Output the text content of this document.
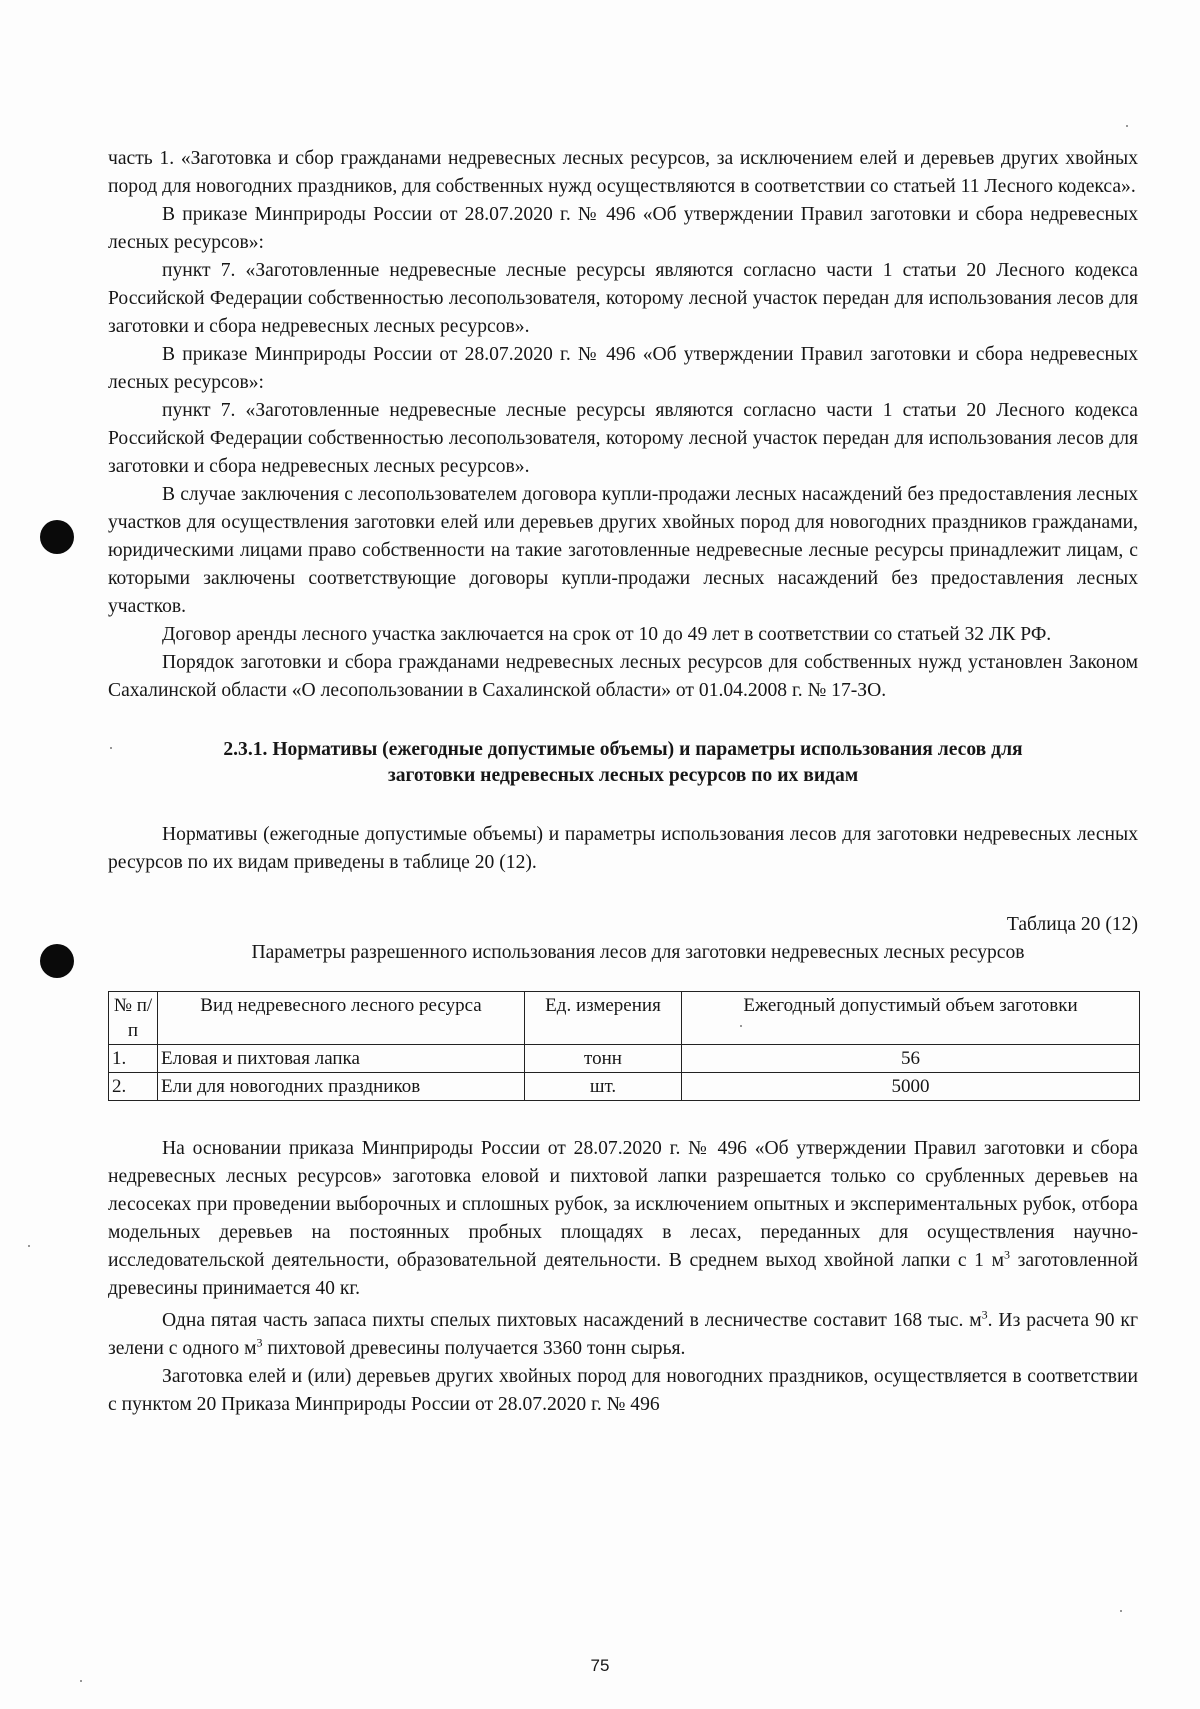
часть 1. «Заготовка и сбор гражданами недревесных лесных ресурсов, за исключением елей и деревьев других хвойных пород для новогодних праздников, для собственных нужд осуществляются в соответствии со статьей 11 Лесного кодекса».

В приказе Минприроды России от 28.07.2020 г. № 496 «Об утверждении Правил заготовки и сбора недревесных лесных ресурсов»:

пункт 7. «Заготовленные недревесные лесные ресурсы являются согласно части 1 статьи 20 Лесного кодекса Российской Федерации собственностью лесопользователя, которому лесной участок передан для использования лесов для заготовки и сбора недревесных лесных ресурсов».

В приказе Минприроды России от 28.07.2020 г. № 496 «Об утверждении Правил заготовки и сбора недревесных лесных ресурсов»:

пункт 7. «Заготовленные недревесные лесные ресурсы являются согласно части 1 статьи 20 Лесного кодекса Российской Федерации собственностью лесопользователя, которому лесной участок передан для использования лесов для заготовки и сбора недревесных лесных ресурсов».

В случае заключения с лесопользователем договора купли-продажи лесных насаждений без предоставления лесных участков для осуществления заготовки елей или деревьев других хвойных пород для новогодних праздников гражданами, юридическими лицами право собственности на такие заготовленные недревесные лесные ресурсы принадлежит лицам, с которыми заключены соответствующие договоры купли-продажи лесных насаждений без предоставления лесных участков.

Договор аренды лесного участка заключается на срок от 10 до 49 лет в соответствии со статьей 32 ЛК РФ.

Порядок заготовки и сбора гражданами недревесных лесных ресурсов для собственных нужд установлен Законом Сахалинской области «О лесопользовании в Сахалинской области» от 01.04.2008 г. № 17-ЗО.

2.3.1. Нормативы (ежегодные допустимые объемы) и параметры использования лесов для

заготовки недревесных лесных ресурсов по их видам

Нормативы (ежегодные допустимые объемы) и параметры использования лесов для заготовки недревесных лесных ресурсов по их видам приведены в таблице 20 (12).

Таблица 20 (12)

Параметры разрешенного использования лесов для заготовки недревесных лесных ресурсов

№ п/п	Вид недревесного лесного ресурса	Ед. измерения	Ежегодный допустимый объем заготовки
1.	Еловая и пихтовая лапка	тонн	56
2.	Ели для новогодних праздников	шт.	5000

На основании приказа Минприроды России от 28.07.2020 г. № 496 «Об утверждении Правил заготовки и сбора недревесных лесных ресурсов» заготовка еловой и пихтовой лапки разрешается только со срубленных деревьев на лесосеках при проведении выборочных и сплошных рубок, за исключением опытных и экспериментальных рубок, отбора модельных деревьев на постоянных пробных площадях в лесах, переданных для осуществления научно-исследовательской деятельности, образовательной деятельности. В среднем выход хвойной лапки с 1 $м^3$ заготовленной древесины принимается 40 кг.

Одна пятая часть запаса пихты спелых пихтовых насаждений в лесничестве составит 168 тыс. $м^3$. Из расчета 90 кг зелени с одного $м^3$ пихтовой древесины получается 3360 тонн сырья.

Заготовка елей и (или) деревьев других хвойных пород для новогодних праздников, осуществляется в соответствии с пунктом 20 Приказа Минприроды России от 28.07.2020 г. № 496

75
